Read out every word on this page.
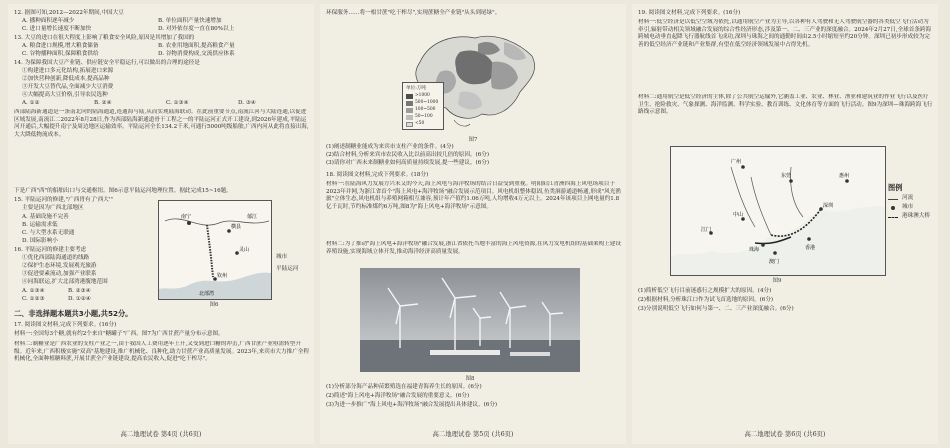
12. 据图可知,2012—2022年期间,中国大豆
A. 播种面积逐年减少	B. 单位面积产量快速增加
C. 进口量增长速度不断加快	D. 对外依存度一直在80%以上
13. 大豆的进口在很大程度上影响了粮食安全风险,原因是其增加了我国的
A. 粮食进口规模,增大粮食储备	B. 农业用地面积,提高粮食产量
C. 谷物播种面积,保障粮食供给	D. 谷物消费构成,交流供应体系
14. 为保障我国大豆产业链、供应链安全平稳运行,可以做出的合理的途径是
①构建进口多元化结构,拓展进口来源
②加快营种创新,降低成本,提高品种
③开发大豆替代品,全面减少大豆消费
④大幅提高大豆价格,引导农民选种
A. ①②	B. ②④	C. ①③④	D. ③④
西部陆海新通道是一条南北向的陆海通道,连通海与陆,从而实现陆海联动。在此前重要节点,南流江河与大陆连通,以促进区域发展,南流江二2022年8月28日,作为西部陆海新通道骨干工程之一的平陆运河正式开工建设,到2026年建成,平陆运河开通后,大幅提升南宁及周边地区运输效率。平陆运河全长134.2千米,可通行5000吨级船舶,广西内河从此将直接出海,大大降低物流成本。
下是广西"西"的船舶出口与交通枢纽。图6示意平陆运河地理位置。据此完成15~16题。
15. 平陆运河的修建,"广西胃有了'西大'"
主要是因为广西北部地区
A. 基础设施不完善
B. 运输需求低
C. 与大型水系无联通
D. 国际影响小
16. 平陆运河的修建主要考虑
①优化西部陆海通道的线路
②保护生态环境,发展观光旅游
③促进要素流动,加强产业联系
④同海联运,扩大北部湾港腹地范围
A. ①③④	B. ②③④
C. ①②③	D. ①②④
南宁
横县
灵山
钦州
郁江
北部湾
图6
城市
平陆运河
二、非选择题本题共3小题,共52分。
17. 阅读图文材料,完成下列要求。(16分)
材料一:全国每3个糖,就有约2个来自"糖罐子"广西。图7为广西甘蔗产量分布示意图。
材料二:制糖业是广西农业的支柱产业之一,由于我国人工费用逐年上升,又受到进口糖的冲击,广西甘蔗产业亟需转型升级。近年来,广西积极实施"双高"基地建设,推广机械化、良种化,助力甘蔗产业高质量发展。2023年,来宾市大力推广全程机械化,全面种植糖料蔗,开展甘蔗全产业链建设,提高农民收入,促进"吃干榨尽"。
高二地理试卷 第4页 (共6页)
环保服务……将一根甘蔗"吃干榨尽",实现蔗糖全产业链"从头到尾绿"。
单位:万吨
>1000
500~1000
100~500
50~100
<50
图7
(1)阐述制糖业能成为来宾市支柱产业的条件。(4分)
(2)结合材料,分析来宾市农民收入比以前高出较几倍的原因。(6分)
(3)请你对广西未来制糖业如何高质量持续发展,提一些建议。(6分)
18. 阅读图文材料,完成下列要求。(18分)
材料一:在陆海风力发展方兴未艾的今天,海上风电与海洋牧场的结合日益受到重视。明阳阳江青洲四海上风电场项目于2023年并网,为浙江省首个"海上风电+海洋牧场"融合发展示范项目。风电机组整体稳固,鱼类洄游通道畅通,形成"风光渔旅"立体生态,风电机组与养殖网箱相互兼容,预计年产值约1.06万吨,人均增收4万元以上。2024年该项目上网电量约1.8亿千瓦时,节约标准煤约6万吨,图8为"海上风电+海洋牧场"示意图。
材料二:为了推动"海上风电+海洋牧场"融合发展,浙江省依托当地丰富的海上风电资源,在风力发电机组的基础架构上建设养殖设施,实现海域立体开发,推动海洋经济高质量发展。
图8
(1)分析部分海产品种苗繁殖选在福建青海养生长的原因。(6分)
(2)简述"海上风电+海洋牧场"融合发展的重要意义。(6分)
(3)为进一步推广"海上风电+海洋牧场"融合发展提出具体建议。(6分)
高二地理试卷 第5页 (共6页)
19. 阅读图文材料,完成下列要求。(16分)
材料一:低空经济是以低空空域为依托,以通用航空产业为主导,以各种有人驾驶和无人驾驶航空器的各类低空飞行活动为牵引,辐射带动相关领域融合发展的综合性经济形态,涉及第一、二、三产业的深度融合。2024年2月27日,全球首条跨海跨城电动垂直起降飞行器航线首飞成功,深圳与珠海之间的通勤时间由2.5小时缩短至约20分钟。深圳已初步形成较为完善的低空经济产业链和产业集群,有望在低空经济领域发展中占得先机。
材料二:通用航空是低空经济的主体,除了公共航空运输外,它涵盖工业、农业、林业、渔业和建筑业的作业飞行以及医疗卫生、抢险救灾、气象探测、海洋监测、科学实验、教育训练、文化体育等方面的飞行活动。图9为深圳—珠海跨海飞行路线示意图。
广州
东莞
深圳
惠州
中山
珠海
澳门
香港
江门
图例
河流
城市
港珠澳大桥
图9
(1)简析低空飞行目前迷惑行之规模扩大的原因。(4分)
(2)根据材料,分析珠江口作为试飞首选地的原因。(6分)
(3)分别说明低空飞行如何与第一、二、三产业深度融合。(6分)
高二地理试卷 第6页 (共6页)
